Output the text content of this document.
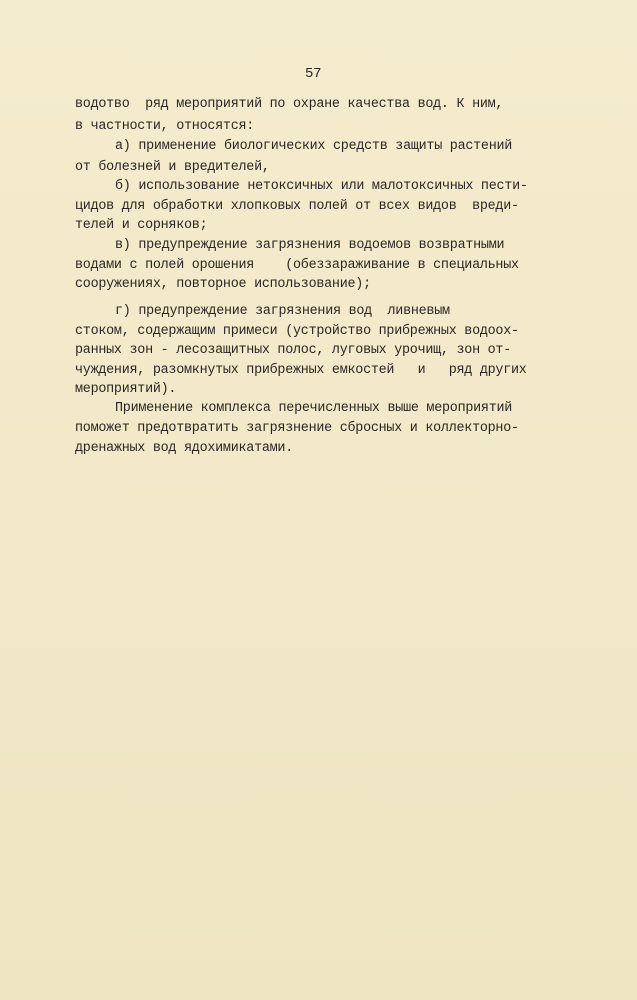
57
водотво  ряд мероприятий по охране качества вод. К ним,
в частности, относятся:
а) применение биологических средств защиты растений
от болезней и вредителей,
б) использование нетоксичных или малотоксичных пести-
цидов для обработки хлопковых полей от всех видов  вреди-
телей и сорняков;
в) предупреждение загрязнения водоемов возвратными
водами с полей орошения    (обеззараживание в специальных
сооружениях, повторное использование);
г) предупреждение загрязнения вод  ливневым
стоком, содержащим примеси (устройство прибрежных водоох-
ранных зон - лесозащитных полос, луговых урочищ, зон от-
чуждения, разомкнутых прибрежных емкостей   и   ряд других
мероприятий).
Применение комплекса перечисленных выше мероприятий
поможет предотвратить загрязнение сбросных и коллекторно-
дренажных вод ядохимикатами.
